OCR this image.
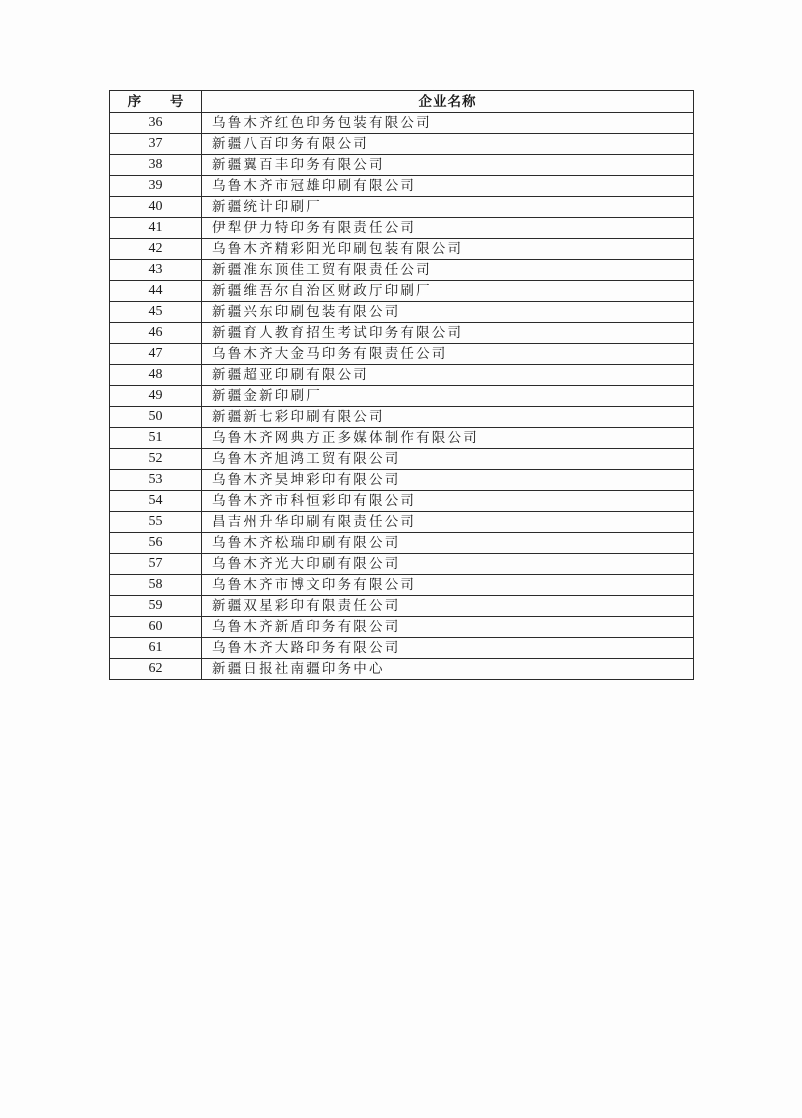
序 号	企业名称
36	乌鲁木齐红色印务包装有限公司
37	新疆八百印务有限公司
38	新疆翼百丰印务有限公司
39	乌鲁木齐市冠雄印刷有限公司
40	新疆统计印刷厂
41	伊犁伊力特印务有限责任公司
42	乌鲁木齐精彩阳光印刷包装有限公司
43	新疆准东顶佳工贸有限责任公司
44	新疆维吾尔自治区财政厅印刷厂
45	新疆兴东印刷包装有限公司
46	新疆育人教育招生考试印务有限公司
47	乌鲁木齐大金马印务有限责任公司
48	新疆超亚印刷有限公司
49	新疆金新印刷厂
50	新疆新七彩印刷有限公司
51	乌鲁木齐网典方正多媒体制作有限公司
52	乌鲁木齐旭鸿工贸有限公司
53	乌鲁木齐昊坤彩印有限公司
54	乌鲁木齐市科恒彩印有限公司
55	昌吉州升华印刷有限责任公司
56	乌鲁木齐松瑞印刷有限公司
57	乌鲁木齐光大印刷有限公司
58	乌鲁木齐市博文印务有限公司
59	新疆双星彩印有限责任公司
60	乌鲁木齐新盾印务有限公司
61	乌鲁木齐大路印务有限公司
62	新疆日报社南疆印务中心
